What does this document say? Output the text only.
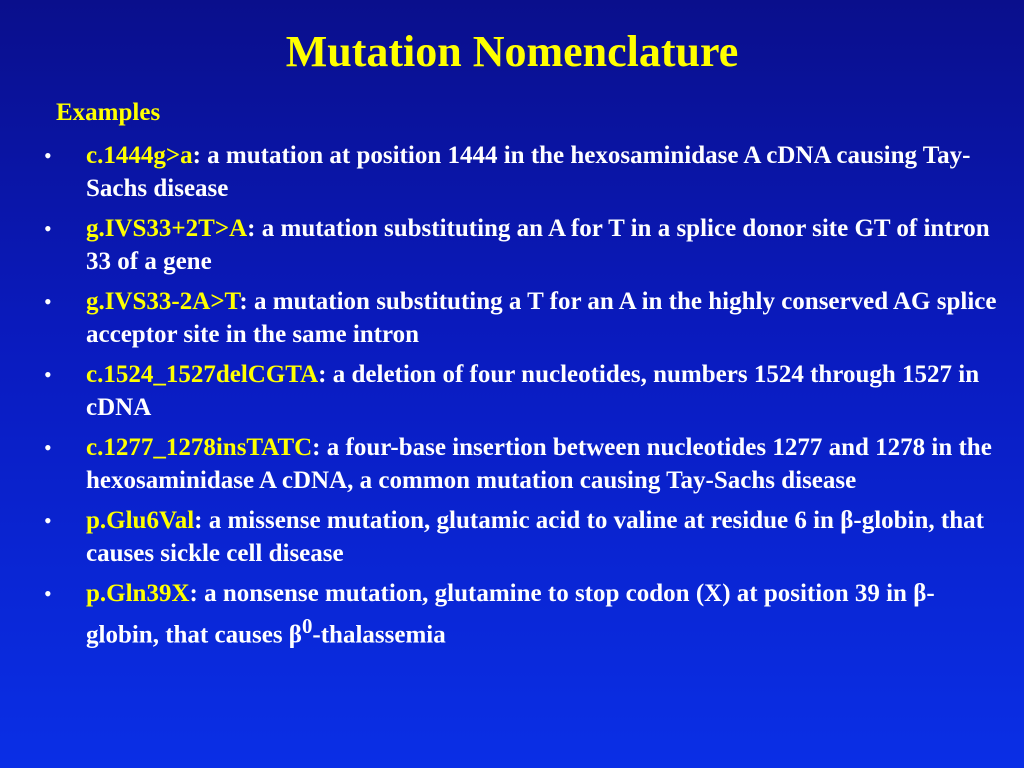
Mutation Nomenclature
Examples
• c.1444g>a: a mutation at position 1444 in the hexosaminidase A cDNA causing Tay-Sachs disease
• g.IVS33+2T>A: a mutation substituting an A for T in a splice donor site GT of intron 33 of a gene
• g.IVS33-2A>T: a mutation substituting a T for an A in the highly conserved AG splice acceptor site in the same intron
• c.1524_1527delCGTA: a deletion of four nucleotides, numbers 1524 through 1527 in cDNA
• c.1277_1278insTATC: a four-base insertion between nucleotides 1277 and 1278 in the hexosaminidase A cDNA, a common mutation causing Tay-Sachs disease
• p.Glu6Val: a missense mutation, glutamic acid to valine at residue 6 in β-globin, that causes sickle cell disease
• p.Gln39X: a nonsense mutation, glutamine to stop codon (X) at position 39 in β-globin, that causes $\beta^0$-thalassemia
